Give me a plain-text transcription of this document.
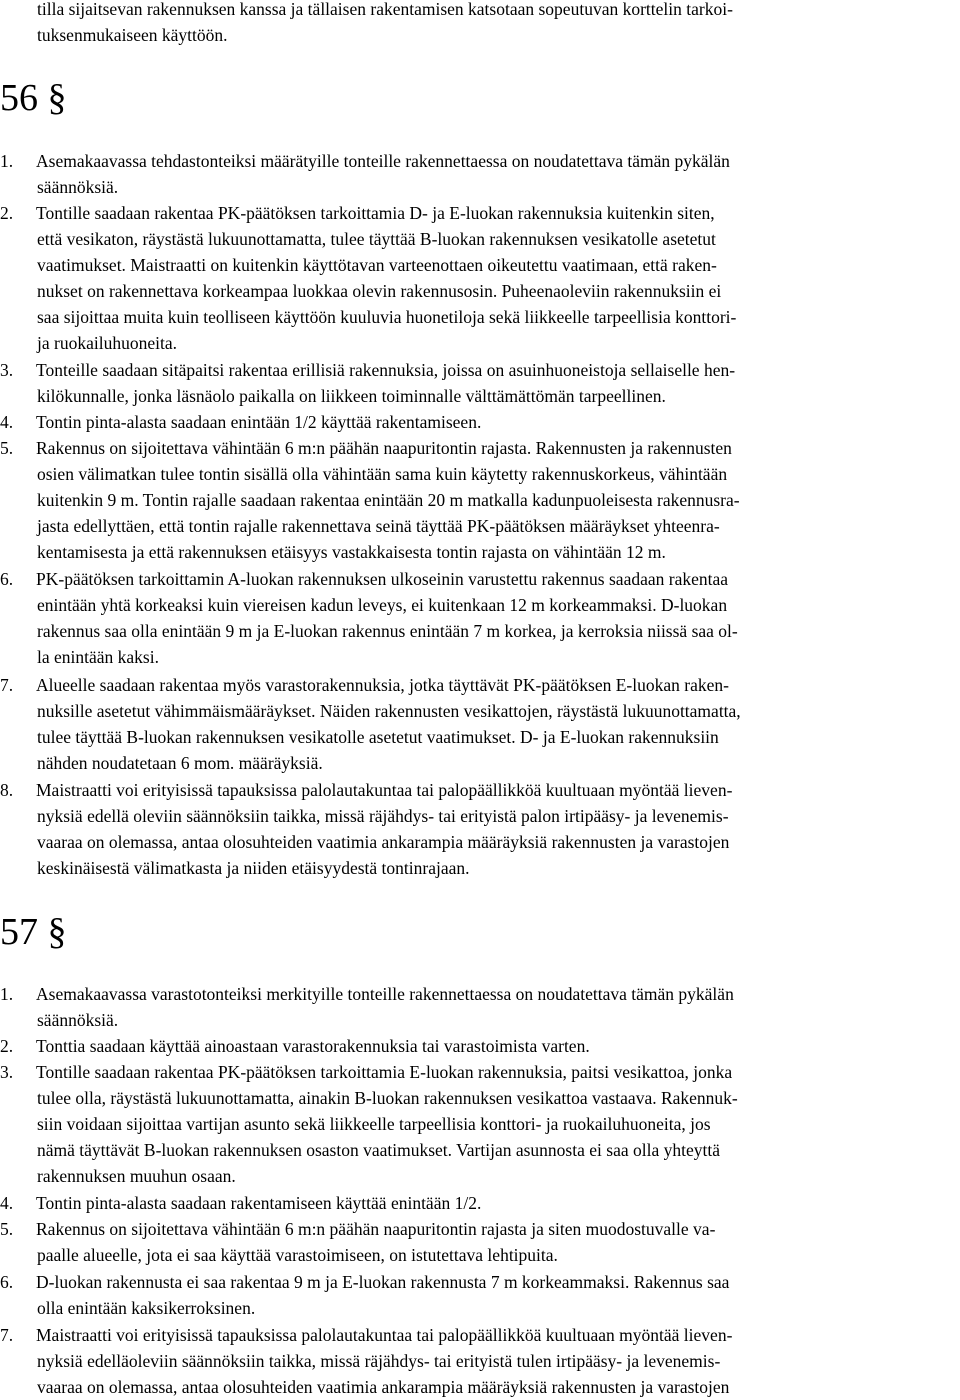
tilla sijaitsevan rakennuksen kanssa ja tällaisen rakentamisen katsotaan sopeutuvan korttelin tarkoi-
tuksenmukaiseen käyttöön.
56 §
1. Asemakaavassa tehdastonteiksi määrätyille tonteille rakennettaessa on noudatettava tämän pykälän
säännöksiä.
2. Tontille saadaan rakentaa PK-päätöksen tarkoittamia D- ja E-luokan rakennuksia kuitenkin siten,
että vesikaton, räystästä lukuunottamatta, tulee täyttää B-luokan rakennuksen vesikatolle asetetut
vaatimukset. Maistraatti on kuitenkin käyttötavan varteenottaen oikeutettu vaatimaan, että raken-
nukset on rakennettava korkeampaa luokkaa olevin rakennusosin. Puheenaoleviin rakennuksiin ei
saa sijoittaa muita kuin teolliseen käyttöön kuuluvia huonetiloja sekä liikkeelle tarpeellisia konttori-
ja ruokailuhuoneita.
3. Tonteille saadaan sitäpaitsi rakentaa erillisiä rakennuksia, joissa on asuinhuoneistoja sellaiselle hen-
kilökunnalle, jonka läsnäolo paikalla on liikkeen toiminnalle välttämättömän tarpeellinen.
4. Tontin pinta-alasta saadaan enintään 1/2 käyttää rakentamiseen.
5. Rakennus on sijoitettava vähintään 6 m:n päähän naapuritontin rajasta. Rakennusten ja rakennusten
osien välimatkan tulee tontin sisällä olla vähintään sama kuin käytetty rakennuskorkeus, vähintään
kuitenkin 9 m. Tontin rajalle saadaan rakentaa enintään 20 m matkalla kadunpuoleisesta rakennusra-
jasta edellyttäen, että tontin rajalle rakennettava seinä täyttää PK-päätöksen määräykset yhteenra-
kentamisesta ja että rakennuksen etäisyys vastakkaisesta tontin rajasta on vähintään 12 m.
6. PK-päätöksen tarkoittamin A-luokan rakennuksen ulkoseinin varustettu rakennus saadaan rakentaa
enintään yhtä korkeaksi kuin viereisen kadun leveys, ei kuitenkaan 12 m korkeammaksi. D-luokan
rakennus saa olla enintään 9 m ja E-luokan rakennus enintään 7 m korkea, ja kerroksia niissä saa ol-
la enintään kaksi.
7. Alueelle saadaan rakentaa myös varastorakennuksia, jotka täyttävät PK-päätöksen E-luokan raken-
nuksille asetetut vähimmäismääräykset. Näiden rakennusten vesikattojen, räystästä lukuunottamatta,
tulee täyttää B-luokan rakennuksen vesikatolle asetetut vaatimukset. D- ja E-luokan rakennuksiin
nähden noudatetaan 6 mom. määräyksiä.
8. Maistraatti voi erityisissä tapauksissa palolautakuntaa tai palopäällikköä kuultuaan myöntää lieven-
nyksiä edellä oleviin säännöksiin taikka, missä räjähdys- tai erityistä palon irtipääsy- ja levenemis-
vaaraa on olemassa, antaa olosuhteiden vaatimia ankarampia määräyksiä rakennusten ja varastojen
keskinäisestä välimatkasta ja niiden etäisyydestä tontinrajaan.
57 §
1. Asemakaavassa varastotonteiksi merkityille tonteille rakennettaessa on noudatettava tämän pykälän
säännöksiä.
2. Tonttia saadaan käyttää ainoastaan varastorakennuksia tai varastoimista varten.
3. Tontille saadaan rakentaa PK-päätöksen tarkoittamia E-luokan rakennuksia, paitsi vesikattoa, jonka
tulee olla, räystästä lukuunottamatta, ainakin B-luokan rakennuksen vesikattoa vastaava. Rakennuk-
siin voidaan sijoittaa vartijan asunto sekä liikkeelle tarpeellisia konttori- ja ruokailuhuoneita, jos
nämä täyttävät B-luokan rakennuksen osaston vaatimukset. Vartijan asunnosta ei saa olla yhteyttä
rakennuksen muuhun osaan.
4. Tontin pinta-alasta saadaan rakentamiseen käyttää enintään 1/2.
5. Rakennus on sijoitettava vähintään 6 m:n päähän naapuritontin rajasta ja siten muodostuvalle va-
paalle alueelle, jota ei saa käyttää varastoimiseen, on istutettava lehtipuita.
6. D-luokan rakennusta ei saa rakentaa 9 m ja E-luokan rakennusta 7 m korkeammaksi. Rakennus saa
olla enintään kaksikerroksinen.
7. Maistraatti voi erityisissä tapauksissa palolautakuntaa tai palopäällikköä kuultuaan myöntää lieven-
nyksiä edelläoleviin säännöksiin taikka, missä räjähdys- tai erityistä tulen irtipääsy- ja levenemis-
vaaraa on olemassa, antaa olosuhteiden vaatimia ankarampia määräyksiä rakennusten ja varastojen
